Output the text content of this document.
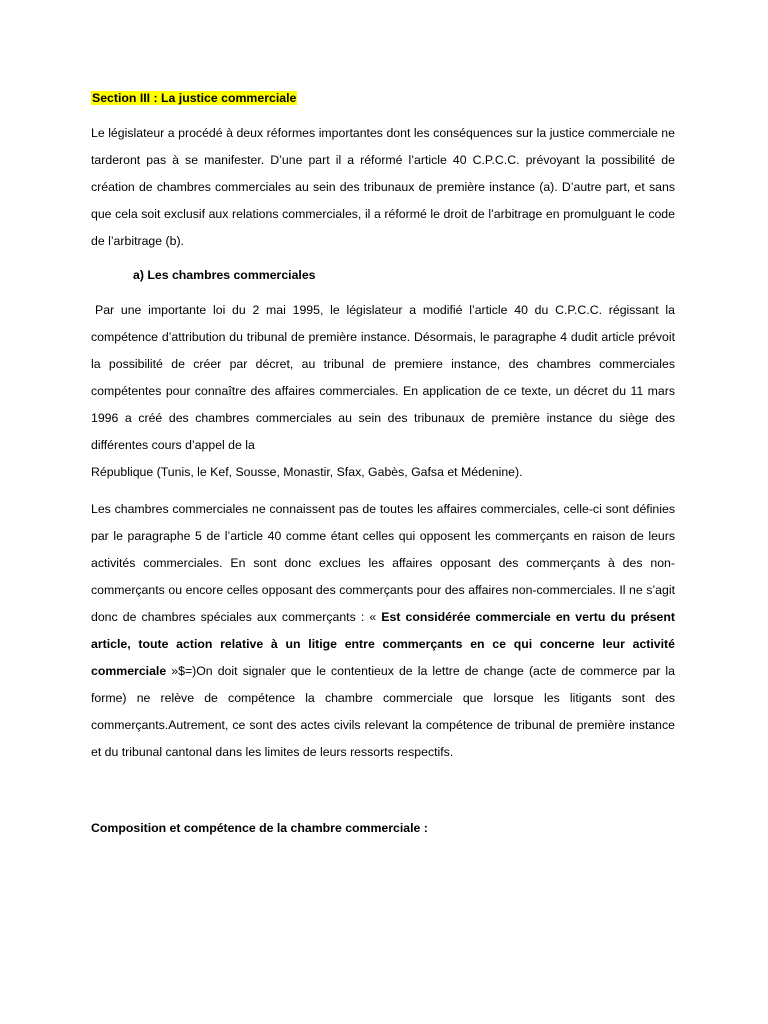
Section III : La justice commerciale

Le législateur a procédé à deux réformes importantes dont les conséquences sur la justice commerciale ne tarderont pas à se manifester. D’une part il a réformé l’article 40 C.P.C.C. prévoyant la possibilité de création de chambres commerciales au sein des tribunaux de première instance (a). D’autre part, et sans que cela soit exclusif aux relations commerciales, il a réformé le droit de l’arbitrage en promulguant le code de l’arbitrage (b).

a) Les chambres commerciales

Par une importante loi du 2 mai 1995, le législateur a modifié l’article 40 du C.P.C.C. régissant la compétence d’attribution du tribunal de première instance. Désormais, le paragraphe 4 dudit article prévoit la possibilité de créer par décret, au tribunal de premiere instance, des chambres commerciales compétentes pour connaître des affaires commerciales. En application de ce texte, un décret du 11 mars 1996 a créé des chambres commerciales au sein des tribunaux de première instance du siège des différentes cours d’appel de la

République (Tunis, le Kef, Sousse, Monastir, Sfax, Gabès, Gafsa et Médenine).

Les chambres commerciales ne connaissent pas de toutes les affaires commerciales, celle-ci sont définies par le paragraphe 5 de l’article 40 comme étant celles qui opposent les commerçants en raison de leurs activités commerciales. En sont donc exclues les affaires opposant des commerçants à des non-commerçants ou encore celles opposant des commerçants pour des affaires non-commerciales. Il ne s’agit donc de chambres spéciales aux commerçants : « Est considérée commerciale en vertu du présent article, toute action relative à un litige entre commerçants en ce qui concerne leur activité commerciale »$=)On doit signaler que le contentieux de la lettre de change (acte de commerce par la forme) ne relève de compétence la chambre commerciale que lorsque les litigants sont des commerçants.Autrement, ce sont des actes civils relevant la compétence de tribunal de première instance et du tribunal cantonal dans les limites de leurs ressorts respectifs.

Composition et compétence de la chambre commerciale :
